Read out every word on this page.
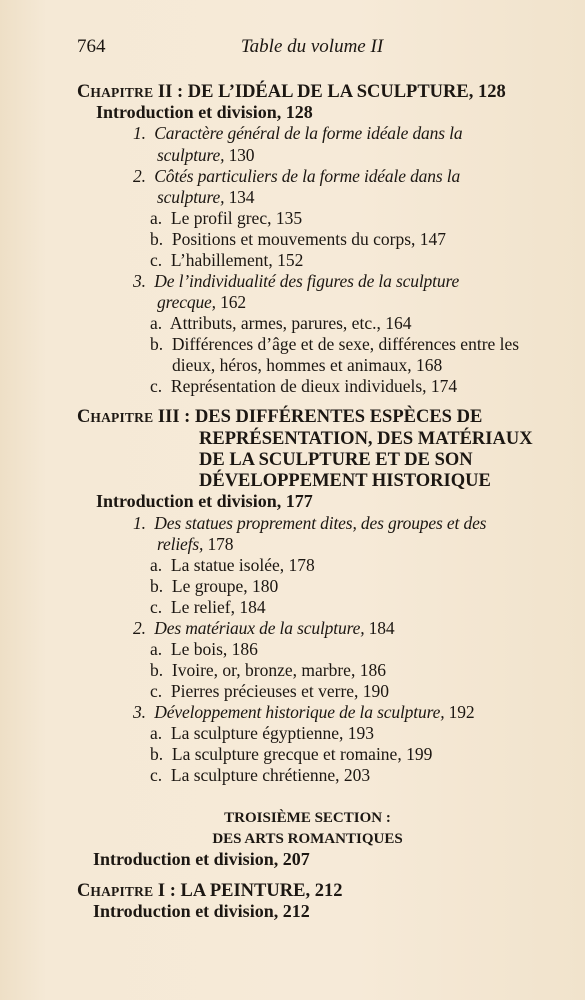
764	Table du volume II
CHAPITRE II : DE L’IDÉAL DE LA SCULPTURE, 128
Introduction et division, 128
1.  Caractère général de la forme idéale dans la
sculpture, 130
2.  Côtés particuliers de la forme idéale dans la
sculpture, 134
a.  Le profil grec, 135
b.  Positions et mouvements du corps, 147
c.  L’habillement, 152
3.  De l’individualité des figures de la sculpture
grecque, 162
a.  Attributs, armes, parures, etc., 164
b.  Différences d’âge et de sexe, différences entre les
dieux, héros, hommes et animaux, 168
c.  Représentation de dieux individuels, 174
CHAPITRE III : DES DIFFÉRENTES ESPÈCES DE
REPRÉSENTATION, DES MATÉRIAUX
DE LA SCULPTURE ET DE SON
DÉVELOPPEMENT HISTORIQUE
Introduction et division, 177
1.  Des statues proprement dites, des groupes et des
reliefs, 178
a.  La statue isolée, 178
b.  Le groupe, 180
c.  Le relief, 184
2.  Des matériaux de la sculpture, 184
a.  Le bois, 186
b.  Ivoire, or, bronze, marbre, 186
c.  Pierres précieuses et verre, 190
3.  Développement historique de la sculpture, 192
a.  La sculpture égyptienne, 193
b.  La sculpture grecque et romaine, 199
c.  La sculpture chrétienne, 203
TROISIÈME SECTION :
DES ARTS ROMANTIQUES
Introduction et division, 207
CHAPITRE I : LA PEINTURE, 212
Introduction et division, 212
